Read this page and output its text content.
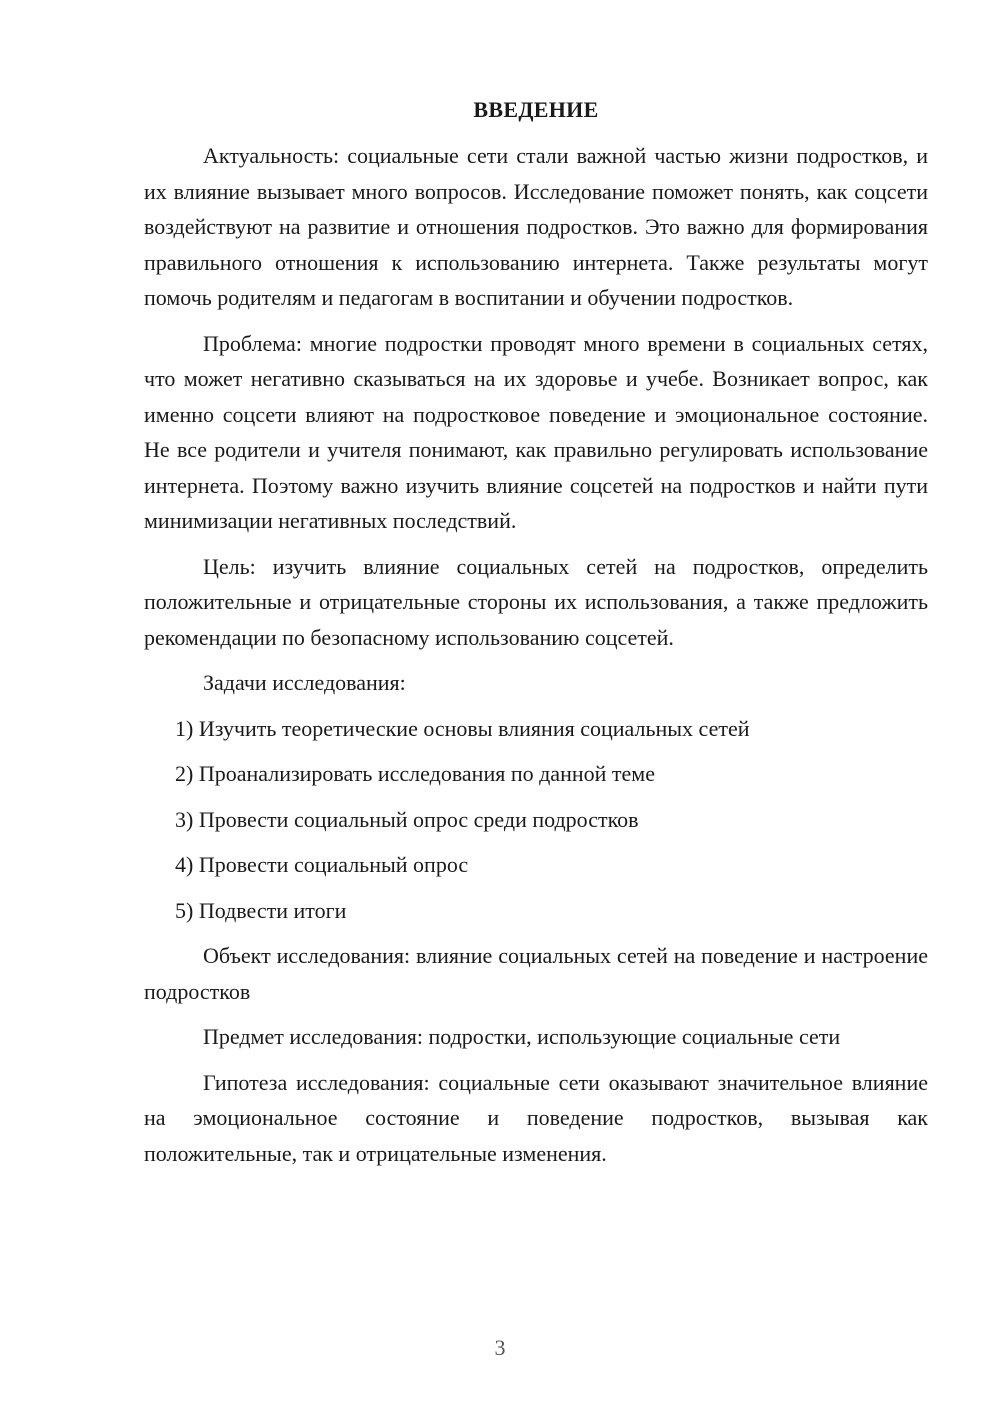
ВВЕДЕНИЕ

Актуальность: социальные сети стали важной частью жизни подростков, и их влияние вызывает много вопросов. Исследование поможет понять, как соцсети воздействуют на развитие и отношения подростков. Это важно для формирования правильного отношения к использованию интернета. Также результаты могут помочь родителям и педагогам в воспитании и обучении подростков.

Проблема: многие подростки проводят много времени в социальных сетях, что может негативно сказываться на их здоровье и учебе. Возникает вопрос, как именно соцсети влияют на подростковое поведение и эмоциональное состояние. Не все родители и учителя понимают, как правильно регулировать использование интернета. Поэтому важно изучить влияние соцсетей на подростков и найти пути минимизации негативных последствий.

Цель: изучить влияние социальных сетей на подростков, определить положительные и отрицательные стороны их использования, а также предложить рекомендации по безопасному использованию соцсетей.

Задачи исследования:

1) Изучить теоретические основы влияния социальных сетей
2) Проанализировать исследования по данной теме
3) Провести социальный опрос среди подростков
4) Провести социальный опрос
5) Подвести итоги

Объект исследования: влияние социальных сетей на поведение и настроение подростков

Предмет исследования: подростки, использующие социальные сети

Гипотеза исследования: социальные сети оказывают значительное влияние на эмоциональное состояние и поведение подростков, вызывая как положительные, так и отрицательные изменения.

3
